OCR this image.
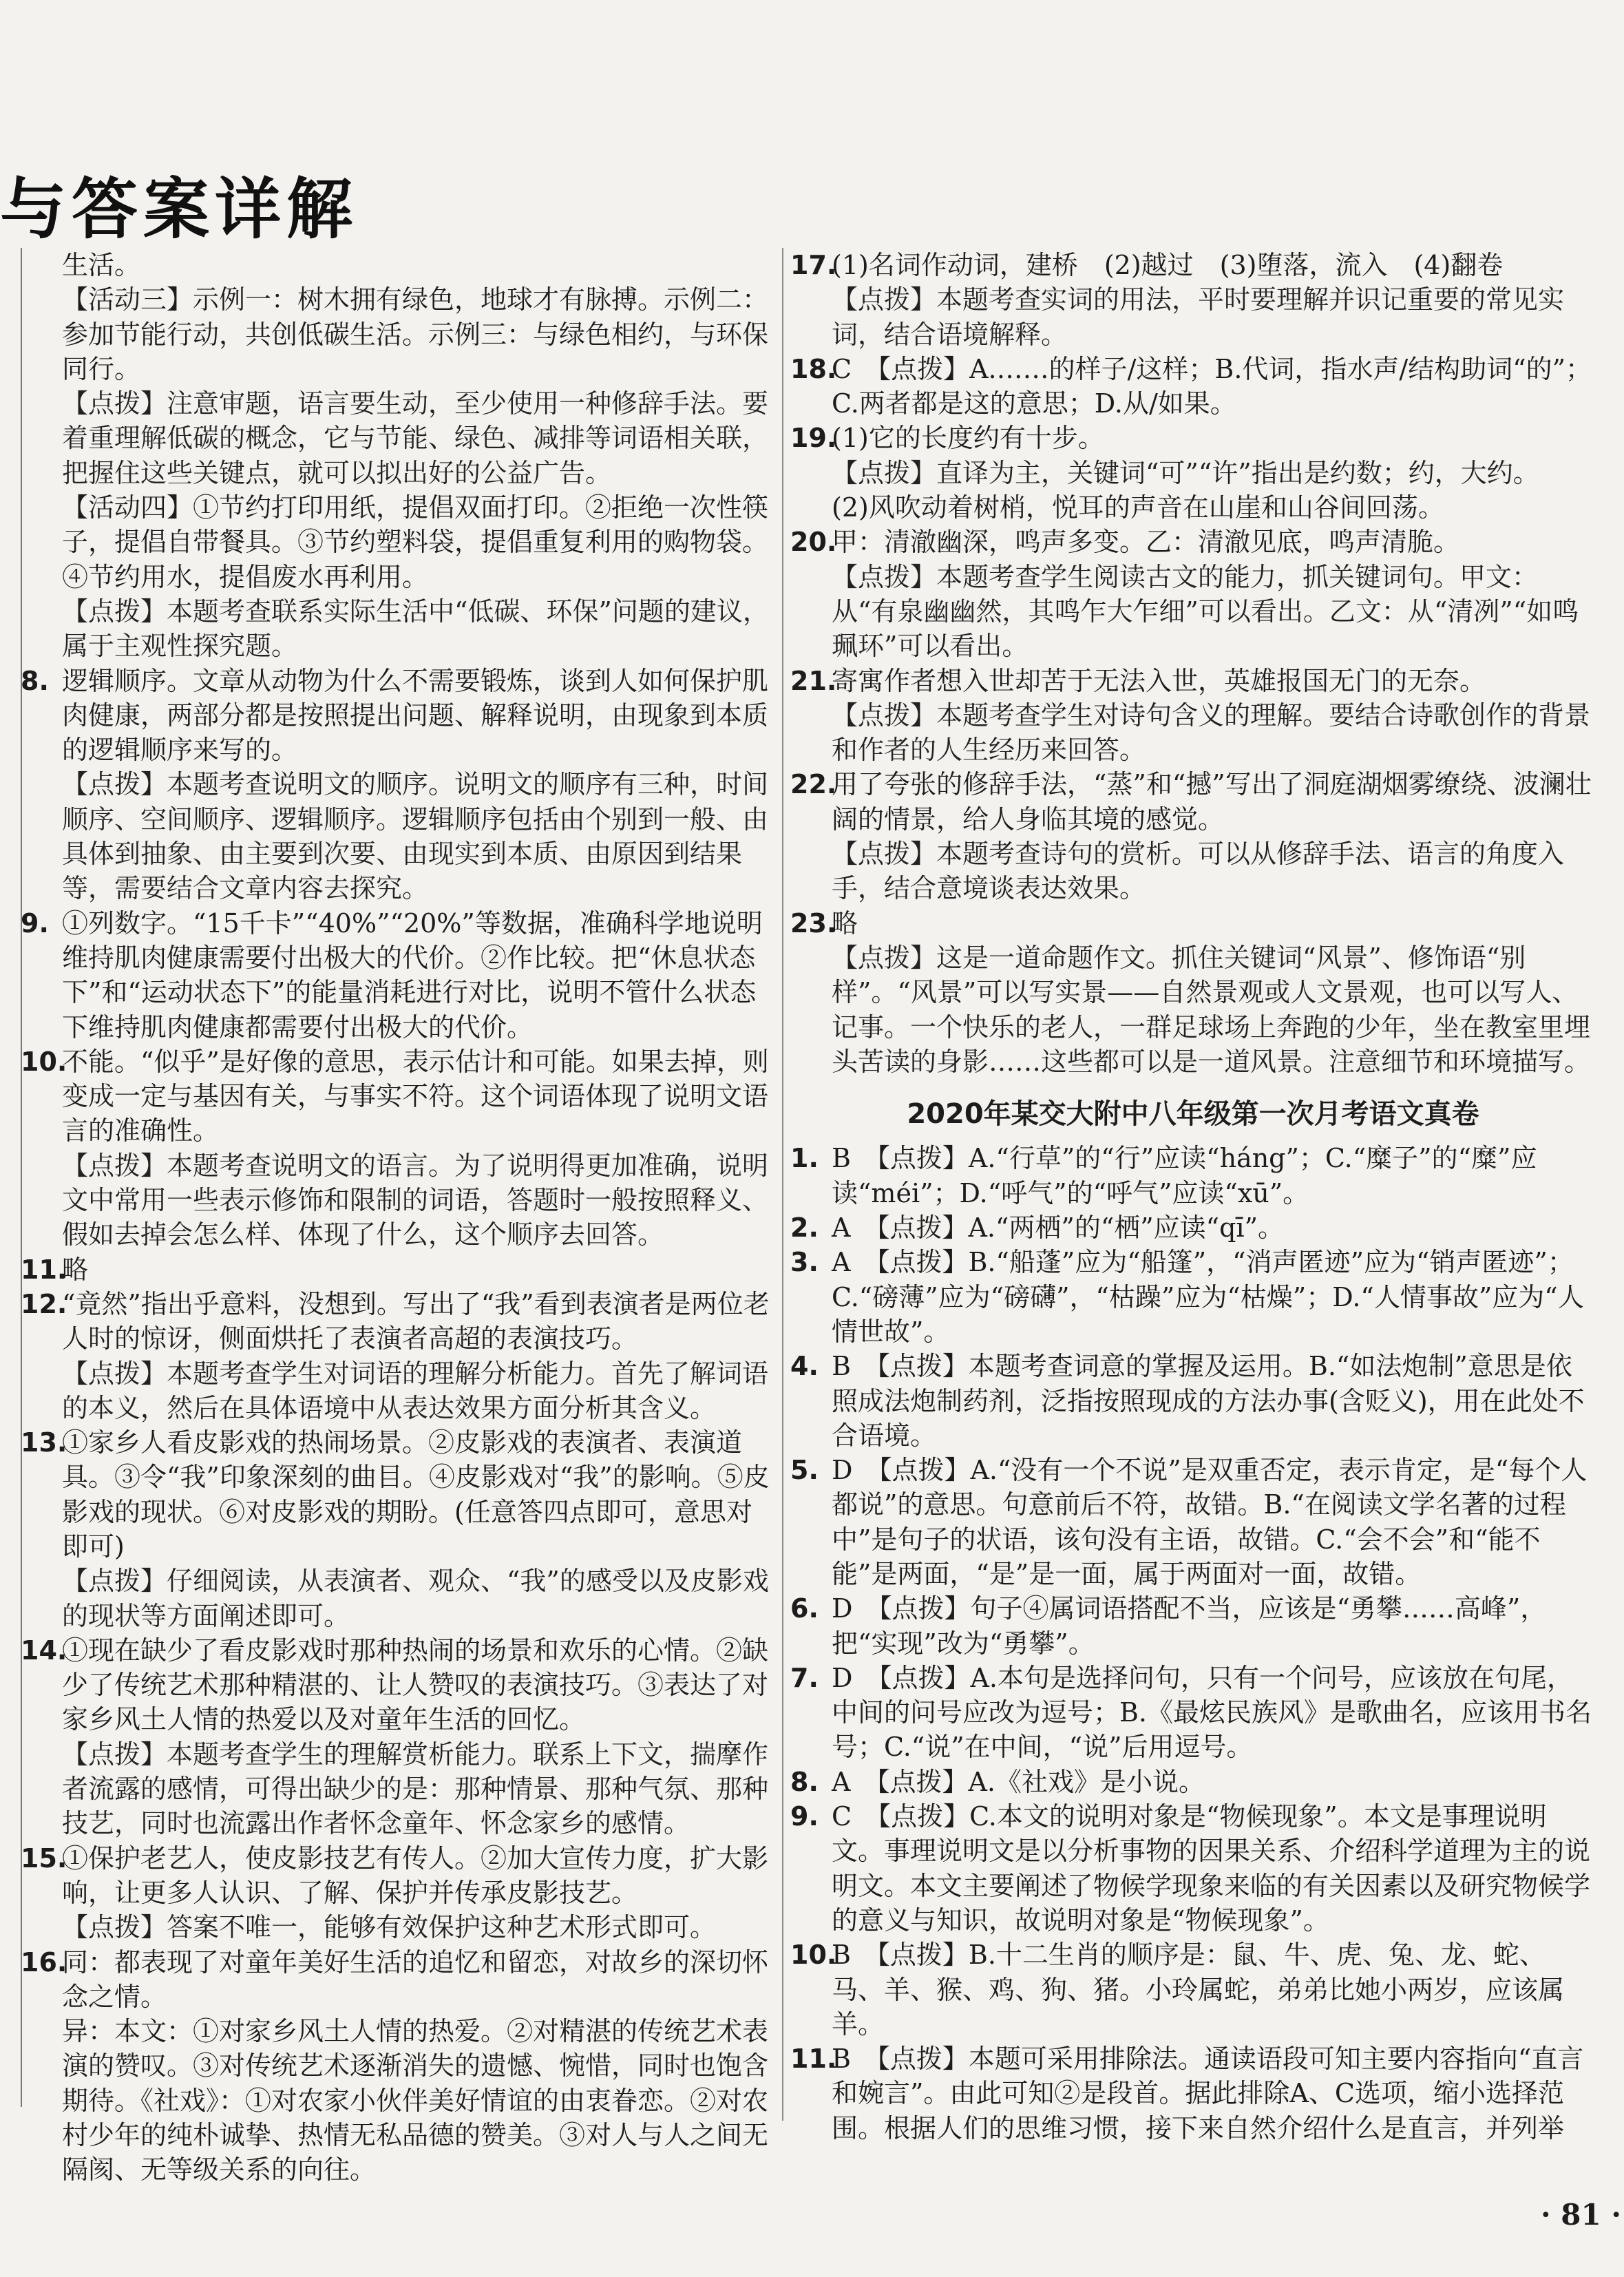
与答案详解

生活。

【活动三】示例一：树木拥有绿色，地球才有脉搏。示例二：参加节能行动，共创低碳生活。示例三：与绿色相约，与环保同行。

【点拨】注意审题，语言要生动，至少使用一种修辞手法。要着重理解低碳的概念，它与节能、绿色、减排等词语相关联，把握住这些关键点，就可以拟出好的公益广告。

【活动四】①节约打印用纸，提倡双面打印。②拒绝一次性筷子，提倡自带餐具。③节约塑料袋，提倡重复利用的购物袋。④节约用水，提倡废水再利用。

【点拨】本题考查联系实际生活中“低碳、环保”问题的建议，属于主观性探究题。

8. 逻辑顺序。文章从动物为什么不需要锻炼，谈到人如何保护肌肉健康，两部分都是按照提出问题、解释说明，由现象到本质的逻辑顺序来写的。

【点拨】本题考查说明文的顺序。说明文的顺序有三种，时间顺序、空间顺序、逻辑顺序。逻辑顺序包括由个别到一般、由具体到抽象、由主要到次要、由现实到本质、由原因到结果等，需要结合文章内容去探究。

9. ①列数字。“15千卡”“40%”“20%”等数据，准确科学地说明维持肌肉健康需要付出极大的代价。②作比较。把“休息状态下”和“运动状态下”的能量消耗进行对比，说明不管什么状态下维持肌肉健康都需要付出极大的代价。

10.

不能。“似乎”是好像的意思，表示估计和可能。如果去掉，则变成一定与基因有关，与事实不符。这个词语体现了说明文语言的准确性。

【点拨】本题考查说明文的语言。为了说明得更加准确，说明文中常用一些表示修饰和限制的词语，答题时一般按照释义、假如去掉会怎么样、体现了什么，这个顺序去回答。

11.

略

12.

“竟然”指出乎意料，没想到。写出了“我”看到表演者是两位老人时的惊讶，侧面烘托了表演者高超的表演技巧。

【点拨】本题考查学生对词语的理解分析能力。首先了解词语的本义，然后在具体语境中从表达效果方面分析其含义。

13.

①家乡人看皮影戏的热闹场景。②皮影戏的表演者、表演道具。③令“我”印象深刻的曲目。④皮影戏对“我”的影响。⑤皮影戏的现状。⑥对皮影戏的期盼。(任意答四点即可，意思对即可)

【点拨】仔细阅读，从表演者、观众、“我”的感受以及皮影戏的现状等方面阐述即可。

14.

①现在缺少了看皮影戏时那种热闹的场景和欢乐的心情。②缺少了传统艺术那种精湛的、让人赞叹的表演技巧。③表达了对家乡风土人情的热爱以及对童年生活的回忆。

【点拨】本题考查学生的理解赏析能力。联系上下文，揣摩作者流露的感情，可得出缺少的是：那种情景、那种气氛、那种技艺，同时也流露出作者怀念童年、怀念家乡的感情。

15.

①保护老艺人，使皮影技艺有传人。②加大宣传力度，扩大影响，让更多人认识、了解、保护并传承皮影技艺。

【点拨】答案不唯一，能够有效保护这种艺术形式即可。

16.

同：都表现了对童年美好生活的追忆和留恋，对故乡的深切怀念之情。

异：本文：①对家乡风土人情的热爱。②对精湛的传统艺术表演的赞叹。③对传统艺术逐渐消失的遗憾、惋惜，同时也饱含期待。《社戏》：①对农家小伙伴美好情谊的由衷眷恋。②对农村少年的纯朴诚挚、热情无私品德的赞美。③对人与人之间无隔阂、无等级关系的向往。

17.

(1)名词作动词，建桥　(2)越过　(3)堕落，流入　(4)翻卷

【点拨】本题考查实词的用法，平时要理解并识记重要的常见实词，结合语境解释。

18.

C　【点拨】A.……的样子/这样；B.代词，指水声/结构助词“的”；C.两者都是这的意思；D.从/如果。

19.

(1)它的长度约有十步。

【点拨】直译为主，关键词“可”“许”指出是约数；约，大约。

(2)风吹动着树梢，悦耳的声音在山崖和山谷间回荡。

20.

甲：清澈幽深，鸣声多变。乙：清澈见底，鸣声清脆。

【点拨】本题考查学生阅读古文的能力，抓关键词句。甲文：从“有泉幽幽然，其鸣乍大乍细”可以看出。乙文：从“清冽”“如鸣珮环”可以看出。

21.

寄寓作者想入世却苦于无法入世，英雄报国无门的无奈。

【点拨】本题考查学生对诗句含义的理解。要结合诗歌创作的背景和作者的人生经历来回答。

22.

用了夸张的修辞手法，“蒸”和“撼”写出了洞庭湖烟雾缭绕、波澜壮阔的情景，给人身临其境的感觉。

【点拨】本题考查诗句的赏析。可以从修辞手法、语言的角度入手，结合意境谈表达效果。

23.

略

【点拨】这是一道命题作文。抓住关键词“风景”、修饰语“别样”。“风景”可以写实景——自然景观或人文景观，也可以写人、记事。一个快乐的老人，一群足球场上奔跑的少年，坐在教室里埋头苦读的身影……这些都可以是一道风景。注意细节和环境描写。

2020年某交大附中八年级第一次月考语文真卷
1. B　【点拨】A.“行草”的“行”应读“háng”；C.“糜子”的“糜”应读“méi”；D.“呼气”的“呼气”应读“xū”。

2. A　【点拨】A.“两栖”的“栖”应读“qī”。

3. A　【点拨】B.“船蓬”应为“船篷”，“消声匿迹”应为“销声匿迹”；C.“磅薄”应为“磅礴”，“枯躁”应为“枯燥”；D.“人情事故”应为“人情世故”。

4. B　【点拨】本题考查词意的掌握及运用。B.“如法炮制”意思是依照成法炮制药剂，泛指按照现成的方法办事(含贬义)，用在此处不合语境。

5. D　【点拨】A.“没有一个不说”是双重否定，表示肯定，是“每个人都说”的意思。句意前后不符，故错。B.“在阅读文学名著的过程中”是句子的状语，该句没有主语，故错。C.“会不会”和“能不能”是两面，“是”是一面，属于两面对一面，故错。

6. D　【点拨】句子④属词语搭配不当，应该是“勇攀……高峰”，把“实现”改为“勇攀”。

7. D　【点拨】A.本句是选择问句，只有一个问号，应该放在句尾，中间的问号应改为逗号；B.《最炫民族风》是歌曲名，应该用书名号；C.“说”在中间，“说”后用逗号。

8. A　【点拨】A.《社戏》是小说。

9. C　【点拨】C.本文的说明对象是“物候现象”。本文是事理说明文。事理说明文是以分析事物的因果关系、介绍科学道理为主的说明文。本文主要阐述了物候学现象来临的有关因素以及研究物候学的意义与知识，故说明对象是“物候现象”。

10.

B　【点拨】B.十二生肖的顺序是：鼠、牛、虎、兔、龙、蛇、马、羊、猴、鸡、狗、猪。小玲属蛇，弟弟比她小两岁，应该属羊。

11.

B　【点拨】本题可采用排除法。通读语段可知主要内容指向“直言和婉言”。由此可知②是段首。据此排除A、C选项，缩小选择范围。根据人们的思维习惯，接下来自然介绍什么是直言，并列举

· 81 ·
